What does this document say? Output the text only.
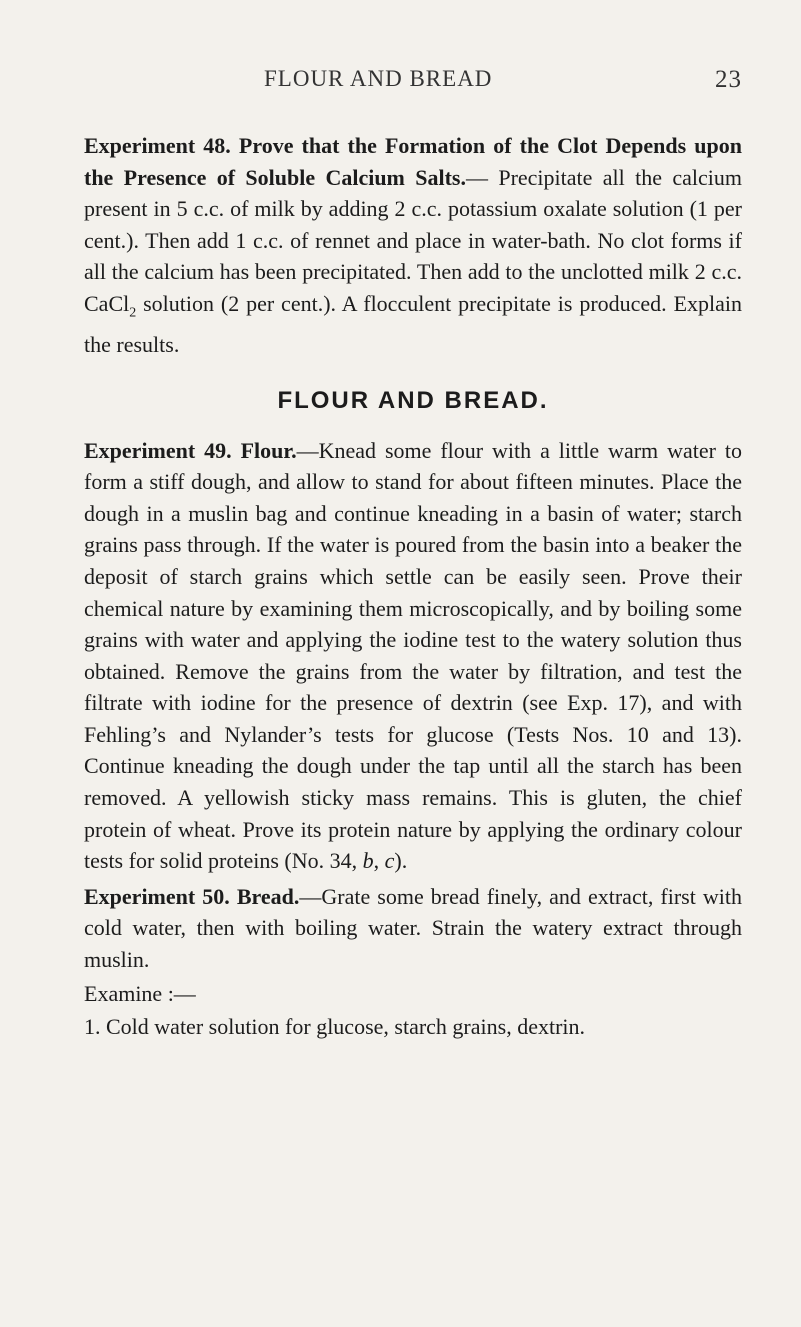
FLOUR AND BREAD	23

Experiment 48. Prove that the Formation of the Clot Depends upon the Presence of Soluble Calcium Salts.— Precipitate all the calcium present in 5 c.c. of milk by adding 2 c.c. potassium oxalate solution (1 per cent.). Then add 1 c.c. of rennet and place in water-bath. No clot forms if all the calcium has been precipitated. Then add to the unclotted milk 2 c.c. CaCl$_2$ solution (2 per cent.). A flocculent precipitate is produced. Explain the results.

FLOUR AND BREAD.

Experiment 49. Flour.—Knead some flour with a little warm water to form a stiff dough, and allow to stand for about fifteen minutes. Place the dough in a muslin bag and continue kneading in a basin of water; starch grains pass through. If the water is poured from the basin into a beaker the deposit of starch grains which settle can be easily seen. Prove their chemical nature by examining them microscopically, and by boiling some grains with water and applying the iodine test to the watery solution thus obtained. Remove the grains from the water by filtration, and test the filtrate with iodine for the presence of dextrin (see Exp. 17), and with Fehling’s and Nylander’s tests for glucose (Tests Nos. 10 and 13). Continue kneading the dough under the tap until all the starch has been removed. A yellowish sticky mass remains. This is gluten, the chief protein of wheat. Prove its protein nature by applying the ordinary colour tests for solid proteins (No. 34, b, c).

Experiment 50. Bread.—Grate some bread finely, and extract, first with cold water, then with boiling water. Strain the watery extract through muslin.

Examine :—

1. Cold water solution for glucose, starch grains, dextrin.
